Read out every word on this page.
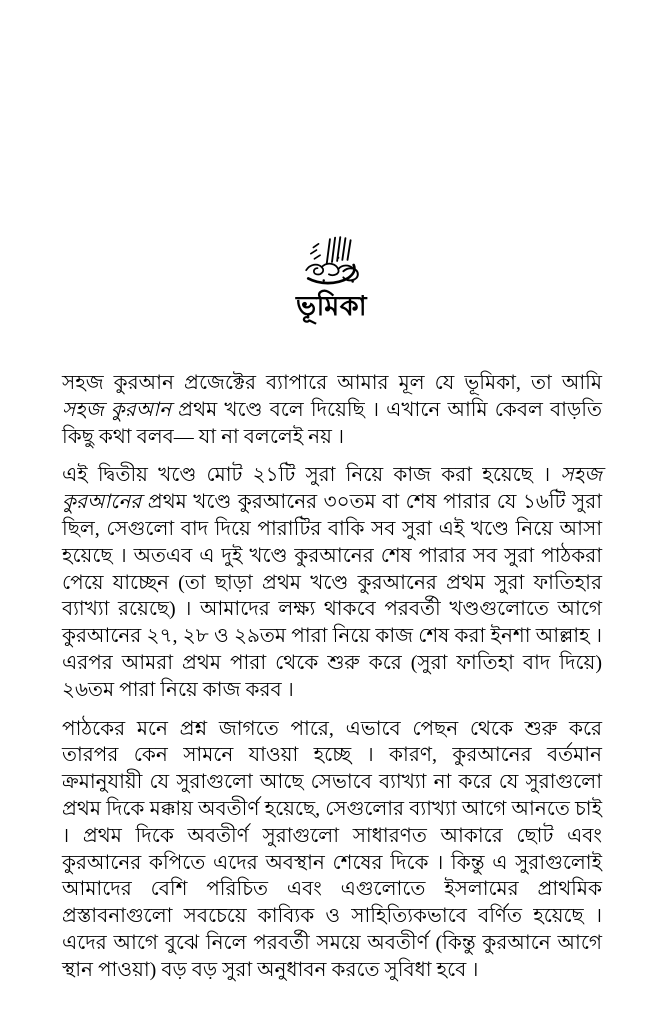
ভূমিকা

সহজ কুরআন প্রজেক্টের ব্যাপারে আমার মূল যে ভূমিকা, তা আমি সহজ কুরআন প্রথম খণ্ডে বলে দিয়েছি । এখানে আমি কেবল বাড়তি কিছু কথা বলব— যা না বললেই নয় ।

এই দ্বিতীয় খণ্ডে মোট ২১টি সুরা নিয়ে কাজ করা হয়েছে । সহজ কুরআনের প্রথম খণ্ডে কুরআনের ৩০তম বা শেষ পারার যে ১৬টি সুরা ছিল, সেগুলো বাদ দিয়ে পারাটির বাকি সব সুরা এই খণ্ডে নিয়ে আসা হয়েছে । অতএব এ দুই খণ্ডে কুরআনের শেষ পারার সব সুরা পাঠকরা পেয়ে যাচ্ছেন (তা ছাড়া প্রথম খণ্ডে কুরআনের প্রথম সুরা ফাতিহার ব্যাখ্যা রয়েছে) । আমাদের লক্ষ্য থাকবে পরবর্তী খণ্ডগুলোতে আগে কুরআনের ২৭, ২৮ ও ২৯তম পারা নিয়ে কাজ শেষ করা ইনশা আল্লাহ । এরপর আমরা প্রথম পারা থেকে শুরু করে (সুরা ফাতিহা বাদ দিয়ে) ২৬তম পারা নিয়ে কাজ করব ।

পাঠকের মনে প্রশ্ন জাগতে পারে, এভাবে পেছন থেকে শুরু করে তারপর কেন সামনে যাওয়া হচ্ছে । কারণ, কুরআনের বর্তমান ক্রমানুযায়ী যে সুরাগুলো আছে সেভাবে ব্যাখ্যা না করে যে সুরাগুলো প্রথম দিকে মক্কায় অবতীর্ণ হয়েছে, সেগুলোর ব্যাখ্যা আগে আনতে চাই । প্রথম দিকে অবতীর্ণ সুরাগুলো সাধারণত আকারে ছোট এবং কুরআনের কপিতে এদের অবস্থান শেষের দিকে । কিন্তু এ সুরাগুলোই আমাদের বেশি পরিচিত এবং এগুলোতে ইসলামের প্রাথমিক প্রস্তাবনাগুলো সবচেয়ে কাব্যিক ও সাহিত্যিকভাবে বর্ণিত হয়েছে । এদের আগে বুঝে নিলে পরবর্তী সময়ে অবতীর্ণ (কিন্তু কুরআনে আগে স্থান পাওয়া) বড় বড় সুরা অনুধাবন করতে সুবিধা হবে ।
